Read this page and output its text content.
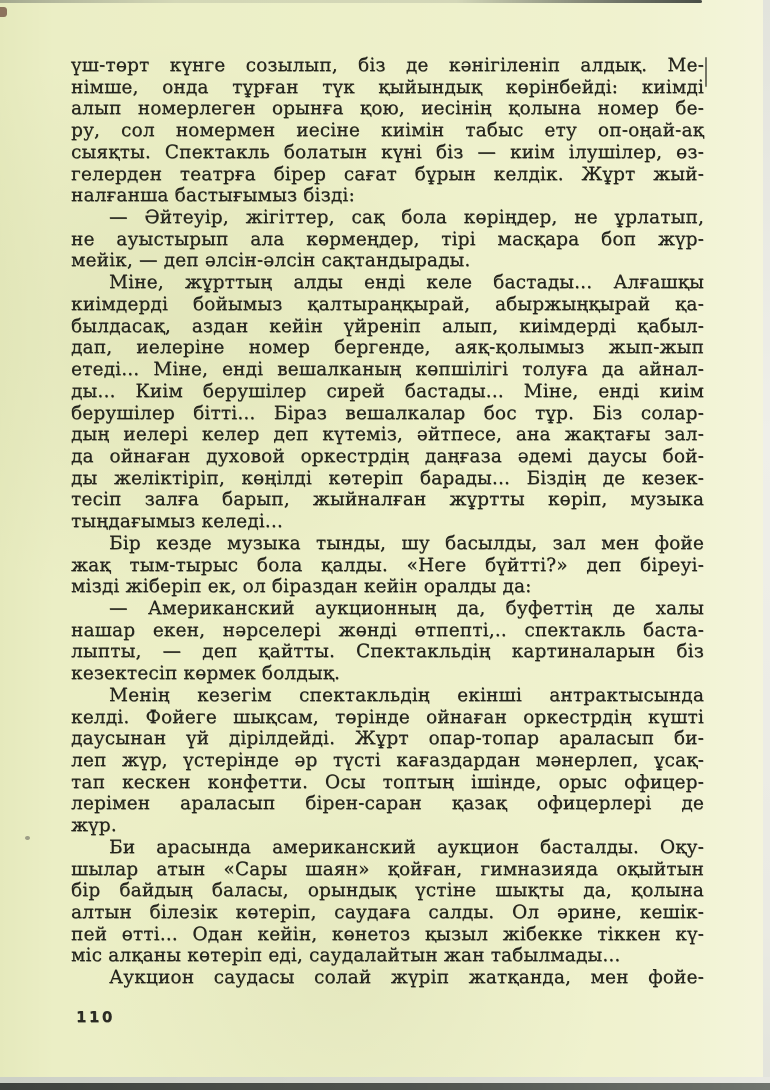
үш-төрт күнге созылып, біз де кәнігіленіп алдық. Ме-
німше, онда тұрған түк қыйындық көрінбейді: киімді
алып номерлеген орынға қою, иесінің қолына номер бе-
ру, сол номермен иесіне киімін табыс ету оп-оңай-ақ
сыяқты. Спектакль болатын күні біз — киім ілушілер, өз-
гелерден театрға бірер сағат бұрын келдік. Жұрт жый-
налғанша бастығымыз бізді:
— Әйтеуір, жігіттер, сақ бола көріңдер, не ұрлатып,
не ауыстырып ала көрмеңдер, тірі масқара боп жүр-
мейік, — деп әлсін-әлсін сақтандырады.
Міне, жұрттың алды енді келе бастады... Алғашқы
киімдерді бойымыз қалтыраңқырай, абыржыңқырай қа-
былдасақ, аздан кейін үйреніп алып, киімдерді қабыл-
дап, иелеріне номер бергенде, аяқ-қолымыз жып-жып
етеді... Міне, енді вешалканың көпшілігі толуға да айнал-
ды... Киім берушілер сирей бастады... Міне, енді киім
берушілер бітті... Біраз вешалкалар бос тұр. Біз солар-
дың иелері келер деп күтеміз, әйтпесе, ана жақтағы зал-
да ойнаған духовой оркестрдің даңғаза әдемі даусы бой-
ды желіктіріп, көңілді көтеріп барады... Біздің де кезек-
тесіп залға барып, жыйналған жұртты көріп, музыка
тыңдағымыз келеді...
Бір кезде музыка тынды, шу басылды, зал мен фойе
жақ тым-тырыс бола қалды. «Неге бүйтті?» деп біреуі-
мізді жіберіп ек, ол біраздан кейін оралды да:
— Американский аукционның да, буфеттің де халы
нашар екен, нәрселері жөнді өтпепті,.. спектакль баста-
лыпты, — деп қайтты. Спектакльдің картиналарын біз
кезектесіп көрмек болдық.
Менің кезегім спектакльдің екінші антрактысында
келді. Фойеге шықсам, төрінде ойнаған оркестрдің күшті
даусынан үй дірілдейді. Жұрт опар-топар араласып би-
леп жүр, үстерінде әр түсті кағаздардан мәнерлеп, ұсақ-
тап кескен конфетти. Осы топтың ішінде, орыс офицер-
лерімен араласып бірен-саран қазақ офицерлері де
жүр.
Би арасында американский аукцион басталды. Оқу-
шылар атын «Сары шаян» қойған, гимназияда оқыйтын
бір байдың баласы, орындық үстіне шықты да, қолына
алтын білезік көтеріп, саудаға салды. Ол әрине, кешік-
пей өтті... Одан кейін, көнетоз қызыл жібекке тіккен кү-
міс алқаны көтеріп еді, саудалайтын жан табылмады...
Аукцион саудасы солай жүріп жатқанда, мен фойе-
110
